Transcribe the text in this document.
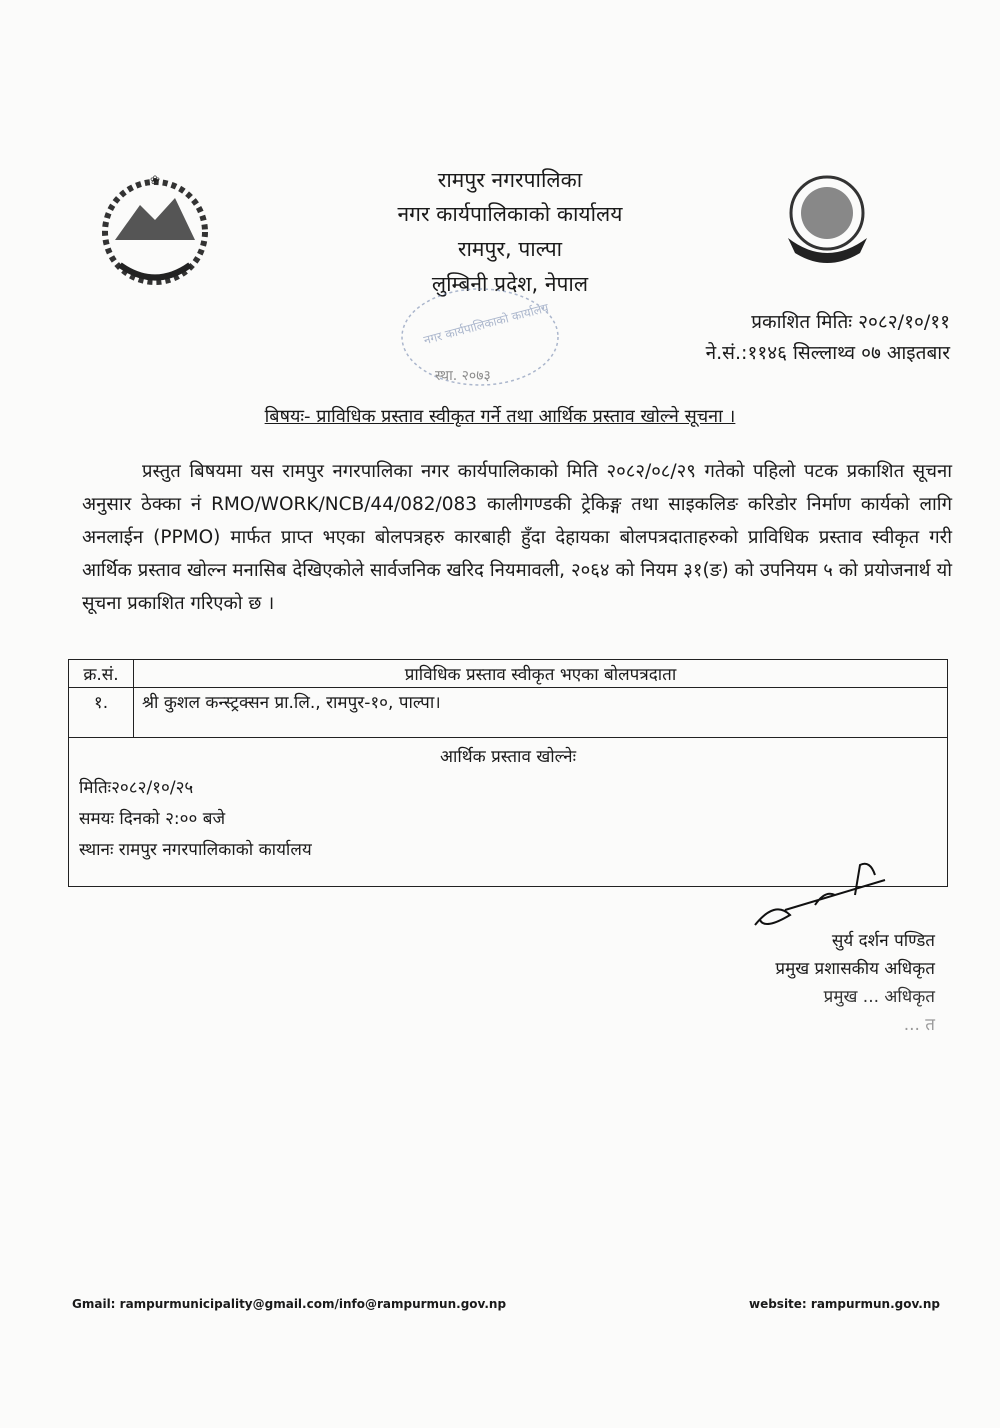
❀	रामपुर नगरपालिका
नगर कार्यपालिकाको कार्यालय
रामपुर, पाल्पा
लुम्बिनी प्रदेश, नेपाल
नगर कार्यपालिकाको कार्यालय
स्था. २०७३
प्रकाशित मितिः २०८२/१०/११
ने.सं.:११४६ सिल्लाथ्व ०७ आइतबार
बिषयः- प्राविधिक प्रस्ताव स्वीकृत गर्ने तथा आर्थिक प्रस्ताव खोल्ने सूचना ।
प्रस्तुत बिषयमा यस रामपुर नगरपालिका नगर कार्यपालिकाको मिति २०८२/०८/२९ गतेको पहिलो पटक प्रकाशित सूचना अनुसार ठेक्का नं RMO/WORK/NCB/44/082/083 कालीगण्डकी ट्रेकिङ्ग तथा साइकलिङ करिडोर निर्माण कार्यको लागि अनलाईन (PPMO) मार्फत प्राप्त भएका बोलपत्रहरु कारबाही हुँदा देहायका बोलपत्रदाताहरुको प्राविधिक प्रस्ताव स्वीकृत गरी आर्थिक प्रस्ताव खोल्न मनासिब देखिएकोले सार्वजनिक खरिद नियमावली, २०६४ को नियम ३१(ङ) को उपनियम ५ को प्रयोजनार्थ यो सूचना प्रकाशित गरिएको छ ।
क्र.सं.	प्राविधिक प्रस्ताव स्वीकृत भएका बोलपत्रदाता
१.	श्री कुशल कन्स्ट्रक्सन प्रा.लि., रामपुर-१०, पाल्पा।

आर्थिक प्रस्ताव खोल्नेः
मितिः२०८२/१०/२५
समयः दिनको २:०० बजे
स्थानः रामपुर नगरपालिकाको कार्यालय	
सुर्य दर्शन पण्डित
प्रमुख प्रशासकीय अधिकृत
प्रमुख ... अधिकृत
... त
Gmail: rampurmunicipality@gmail.com/info@rampurmun.gov.np	website: rampurmun.gov.np
